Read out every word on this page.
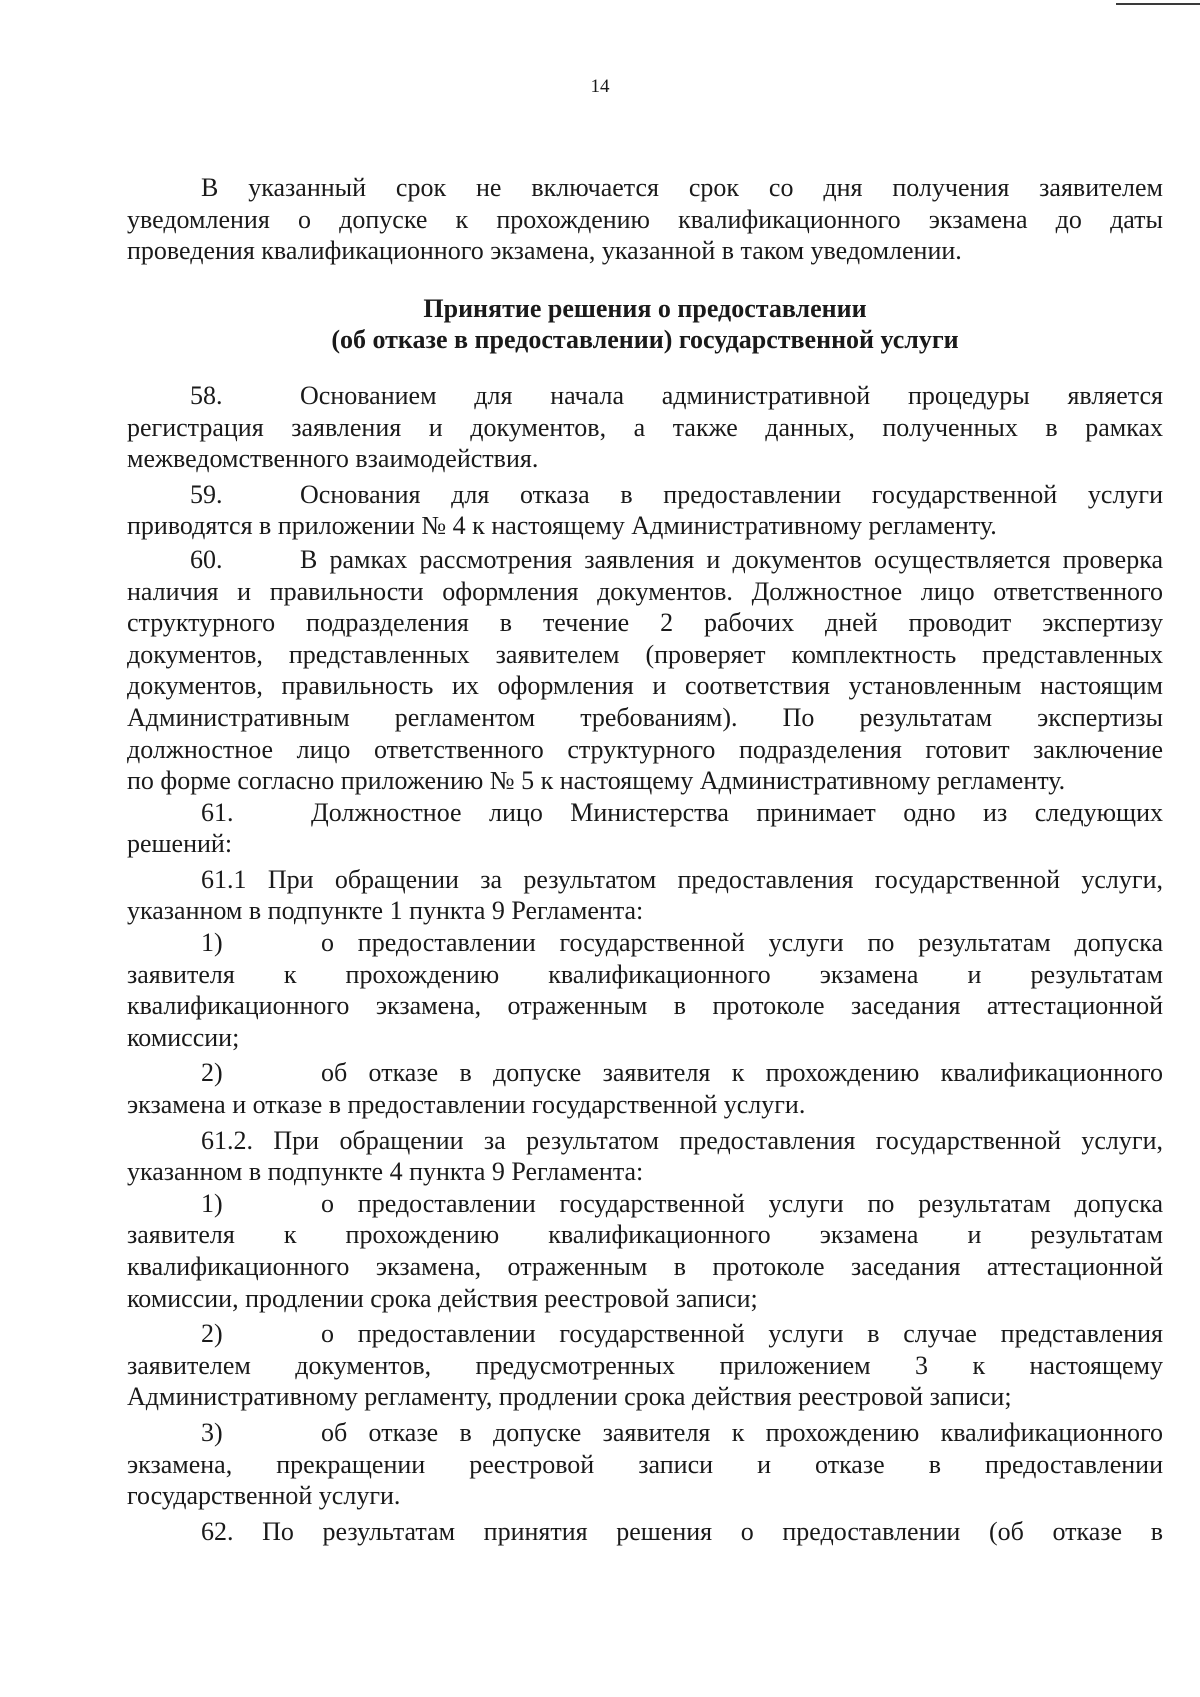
14

В указанный срок не включается срок со дня получения заявителем

уведомления о допуске к прохождению квалификационного экзамена до даты

проведения квалификационного экзамена, указанной в таком уведомлении.

Принятие решения о предоставлении
(об отказе в предоставлении) государственной услуги

58.	Основанием для начала административной процедуры является

регистрация заявления и документов, а также данных, полученных в рамках

межведомственного взаимодействия.

59.	Основания для отказа в предоставлении государственной услуги

приводятся в приложении № 4 к настоящему Административному регламенту.

60.	В рамках рассмотрения заявления и документов осуществляется проверка

наличия и правильности оформления документов. Должностное лицо ответственного

структурного подразделения в течение 2 рабочих дней проводит экспертизу

документов, представленных заявителем (проверяет комплектность представленных

документов, правильность их оформления и соответствия установленным настоящим

Административным регламентом требованиям). По результатам экспертизы

должностное лицо ответственного структурного подразделения готовит заключение

по форме согласно приложению № 5 к настоящему Административному регламенту.

61.	Должностное лицо Министерства принимает одно из следующих

решений:

61.1 При обращении за результатом предоставления государственной услуги,

указанном в подпункте 1 пункта 9 Регламента:

1)	о предоставлении государственной услуги по результатам допуска

заявителя к прохождению квалификационного экзамена и результатам

квалификационного экзамена, отраженным в протоколе заседания аттестационной

комиссии;

2)	об отказе в допуске заявителя к прохождению квалификационного

экзамена и отказе в предоставлении государственной услуги.

61.2. При обращении за результатом предоставления государственной услуги,

указанном в подпункте 4 пункта 9 Регламента:

1)	о предоставлении государственной услуги по результатам допуска

заявителя к прохождению квалификационного экзамена и результатам

квалификационного экзамена, отраженным в протоколе заседания аттестационной

комиссии, продлении срока действия реестровой записи;

2)	о предоставлении государственной услуги в случае представления

заявителем документов, предусмотренных приложением 3 к настоящему

Административному регламенту, продлении срока действия реестровой записи;

3)	об отказе в допуске заявителя к прохождению квалификационного

экзамена, прекращении реестровой записи и отказе в предоставлении

государственной услуги.

62. По результатам принятия решения о предоставлении (об отказе в
